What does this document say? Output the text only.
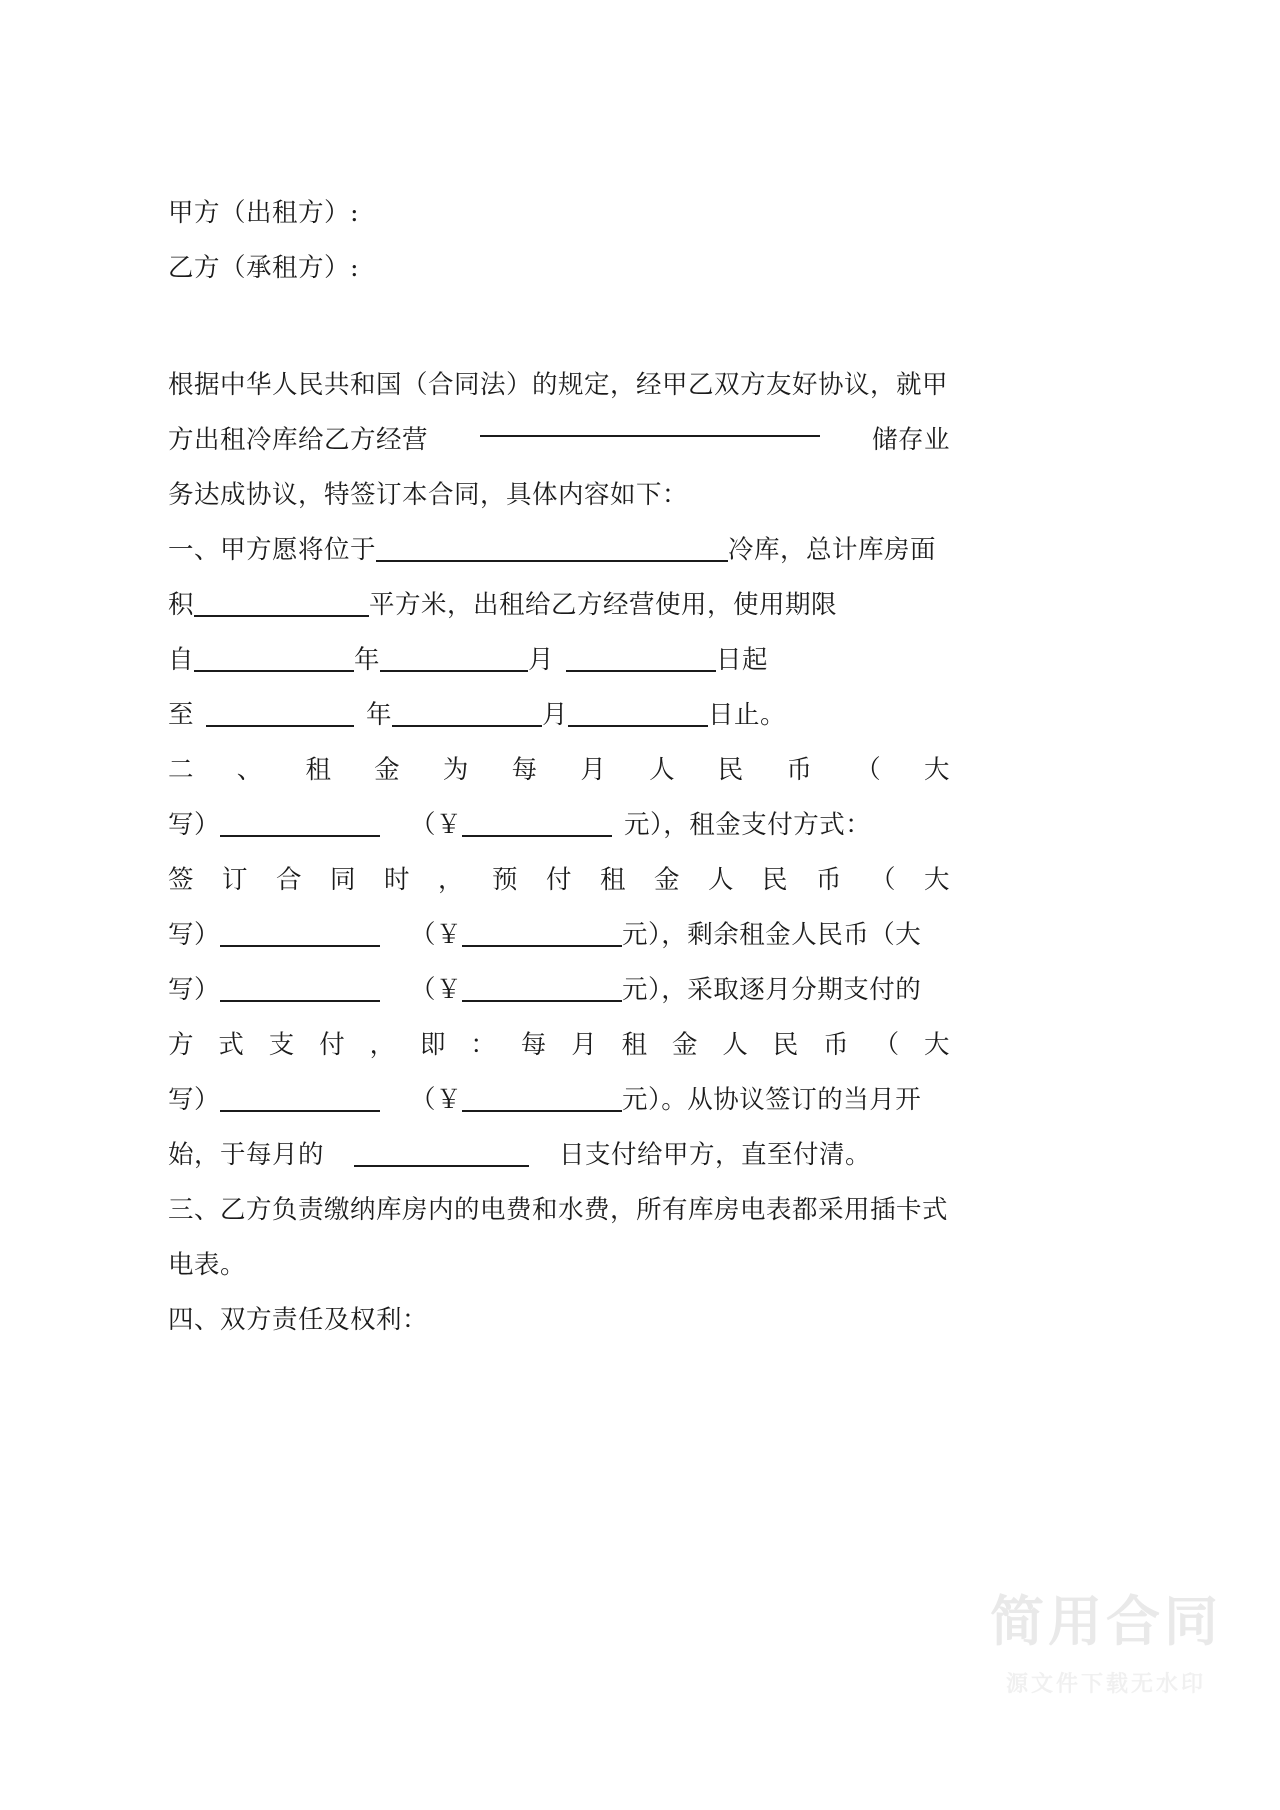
甲方（出租方）:
乙方（承租方）:
根据中华人民共和国（合同法）的规定，经甲乙双方友好协议，就甲
方出租冷库给乙方经营	储存业
务达成协议，特签订本合同，具体内容如下：
一、甲方愿将位于	冷库，总计库房面
积	平方米，出租给乙方经营使用，使用期限
自	年	月	日起
至	年	月	日止。
二、租金为每月人民币（大
写）	（￥	元），租金支付方式：
签订合同时，预付租金人民币（大
写）	（￥	元），剩余租金人民币（大
写）	（￥	元），采取逐月分期支付的
方式支付，即：每月租金人民币（大
写）	（￥	元）。从协议签订的当月开
始，于每月的	日支付给甲方，直至付清。
三、乙方负责缴纳库房内的电费和水费，所有库房电表都采用插卡式
电表。
四、双方责任及权利：
简用合同
源文件下载无水印
